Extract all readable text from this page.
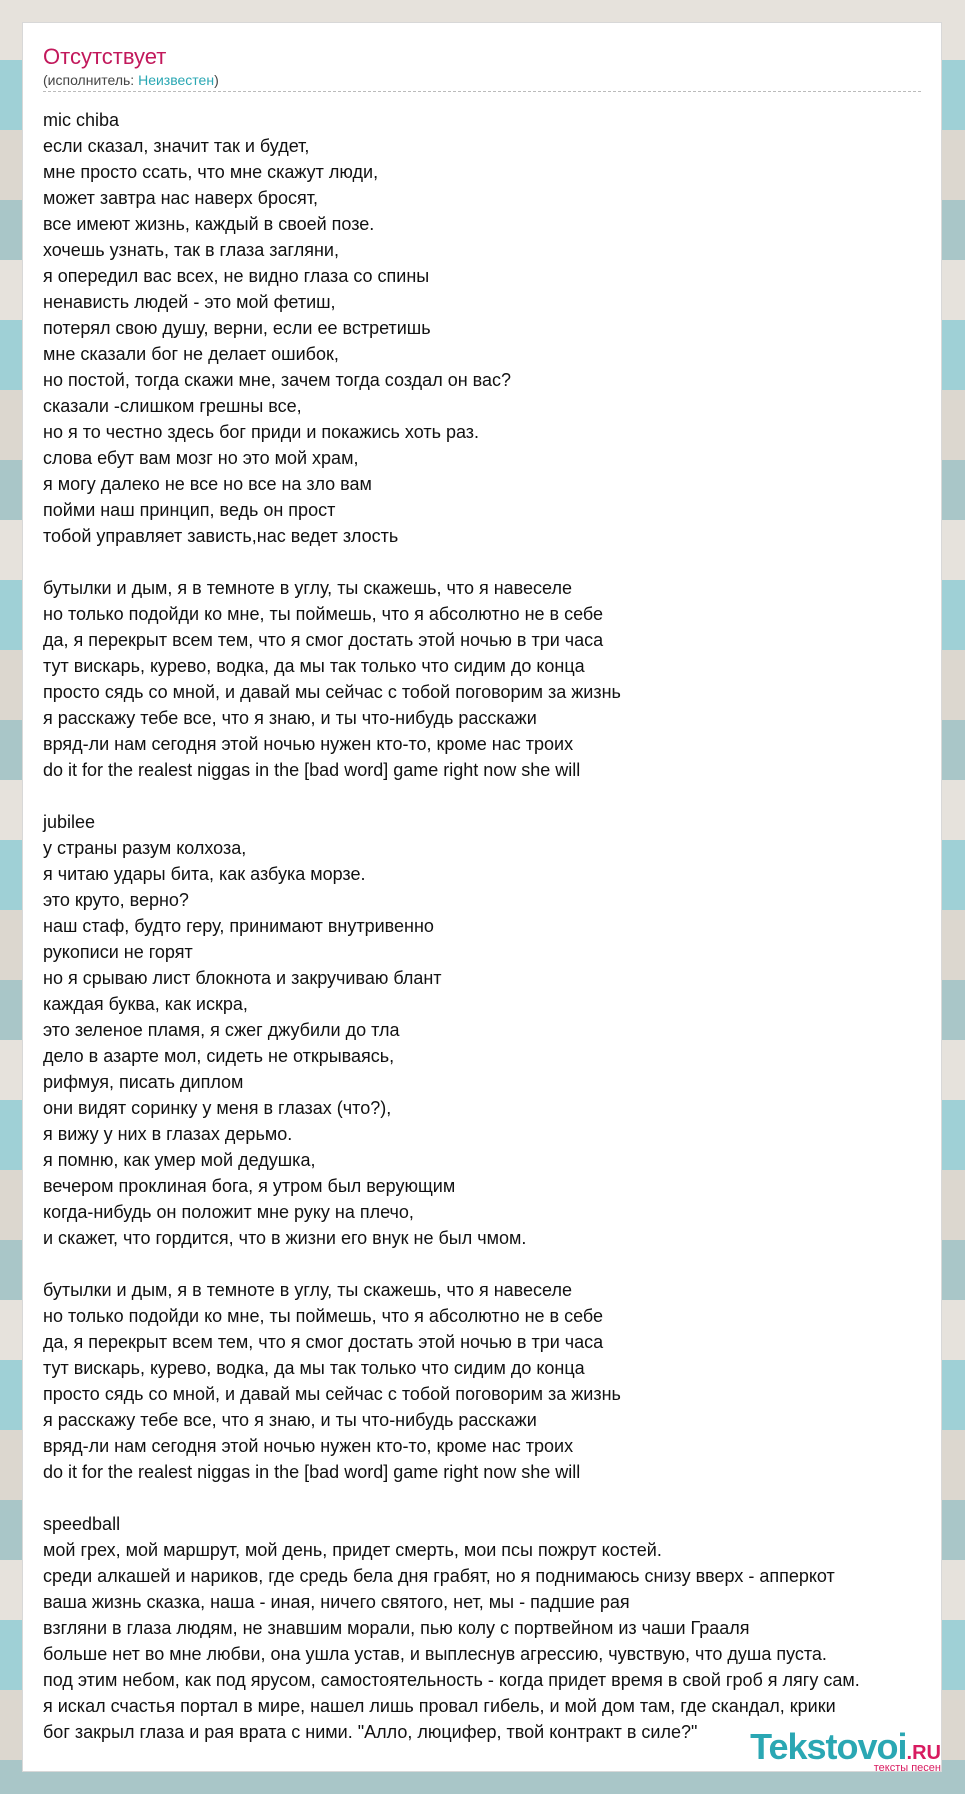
Отсутствует
(исполнитель: Неизвестен)
mic chiba
если сказал, значит так и будет,
мне просто ссать, что мне скажут люди,
может завтра нас наверх бросят,
все имеют жизнь, каждый в своей позе.
хочешь узнать, так в глаза загляни,
я опередил вас всех, не видно глаза со спины
ненависть людей - это мой фетиш,
потерял свою душу, верни, если ее встретишь
мне сказали бог не делает ошибок,
но постой, тогда скажи мне, зачем тогда создал он вас?
сказали -слишком грешны все,
но я то честно здесь бог приди и покажись хоть раз.
слова ебут вам мозг но это мой храм,
я могу далеко не все но все на зло вам
пойми наш принцип, ведь он прост
тобой управляет зависть,нас ведет злость
бутылки и дым, я в темноте в углу, ты скажешь, что я навеселе
но только подойди ко мне, ты поймешь, что я абсолютно не в себе
да, я перекрыт всем тем, что я смог достать этой ночью в три часа
тут вискарь, курево, водка, да мы так только что сидим до конца
просто сядь со мной, и давай мы сейчас с тобой поговорим за жизнь
я расскажу тебе все, что я знаю, и ты что-нибудь расскажи
вряд-ли нам сегодня этой ночью нужен кто-то, кроме нас троих
do it for the realest niggas in the [bad word] game right now she will
jubilee
у страны разум колхоза,
я читаю удары бита, как азбука морзе.
это круто, верно?
наш стаф, будто геру, принимают внутривенно
рукописи не горят
но я срываю лист блокнота и закручиваю блант
каждая буква, как искра,
это зеленое пламя, я сжег джубили до тла
дело в азарте мол, сидеть не открываясь,
рифмуя, писать диплом
они видят соринку у меня в глазах (что?),
я вижу у них в глазах дерьмо.
я помню, как умер мой дедушка,
вечером проклиная бога, я утром был верующим
когда-нибудь он положит мне руку на плечо,
и скажет, что гордится, что в жизни его внук не был чмом.
бутылки и дым, я в темноте в углу, ты скажешь, что я навеселе
но только подойди ко мне, ты поймешь, что я абсолютно не в себе
да, я перекрыт всем тем, что я смог достать этой ночью в три часа
тут вискарь, курево, водка, да мы так только что сидим до конца
просто сядь со мной, и давай мы сейчас с тобой поговорим за жизнь
я расскажу тебе все, что я знаю, и ты что-нибудь расскажи
вряд-ли нам сегодня этой ночью нужен кто-то, кроме нас троих
do it for the realest niggas in the [bad word] game right now she will
speedball
мой грех, мой маршрут, мой день, придет смерть, мои псы пожрут костей.
среди алкашей и нариков, где средь бела дня грабят, но я поднимаюсь снизу вверх - апперкот
ваша жизнь сказка, наша - иная, ничего святого, нет, мы - падшие рая
взгляни в глаза людям, не знавшим морали, пью колу с портвейном из чаши Грааля
больше нет во мне любви, она ушла устав, и выплеснув агрессию, чувствую, что душа пуста.
под этим небом, как под ярусом, самостоятельность - когда придет время в свой гроб я лягу сам.
я искал счастья портал в мире, нашел лишь провал гибель, и мой дом там, где скандал, крики
бог закрыл глаза и рая врата с ними. "Алло, люцифер, твой контракт в силе?"	Tekstovoi.RU
тексты песен
